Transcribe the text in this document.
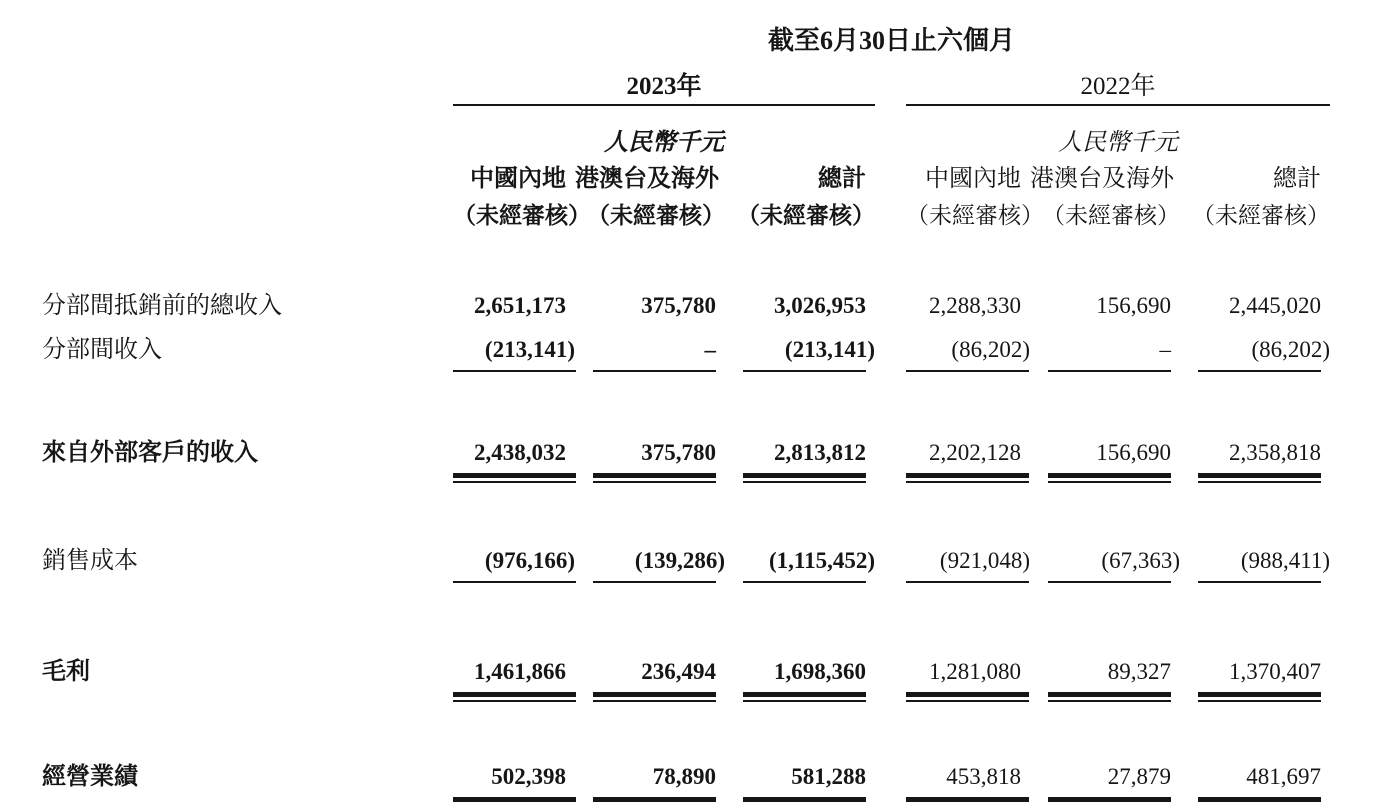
	截至6月30日止六個月						
	2023年				2022年		
	人民幣千元				人民幣千元		
	中國內地	港澳台及海外	總計		中國內地	港澳台及海外	總計
	（未經審核）	（未經審核）	（未經審核）		（未經審核）	（未經審核）	（未經審核）
分部間抵銷前的總收入	2,651,173	375,780	3,026,953		2,288,330	156,690	2,445,020
分部間收入	(213,141)	–	(213,141)		(86,202)	–	(86,202)

來自外部客戶的收入	2,438,032	375,780	2,813,812		2,202,128	156,690	2,358,818

銷售成本	(976,166)	(139,286)	(1,115,452)		(921,048)	(67,363)	(988,411)

毛利	1,461,866	236,494	1,698,360		1,281,080	89,327	1,370,407

經營業績	502,398	78,890	581,288		453,818	27,879	481,697
